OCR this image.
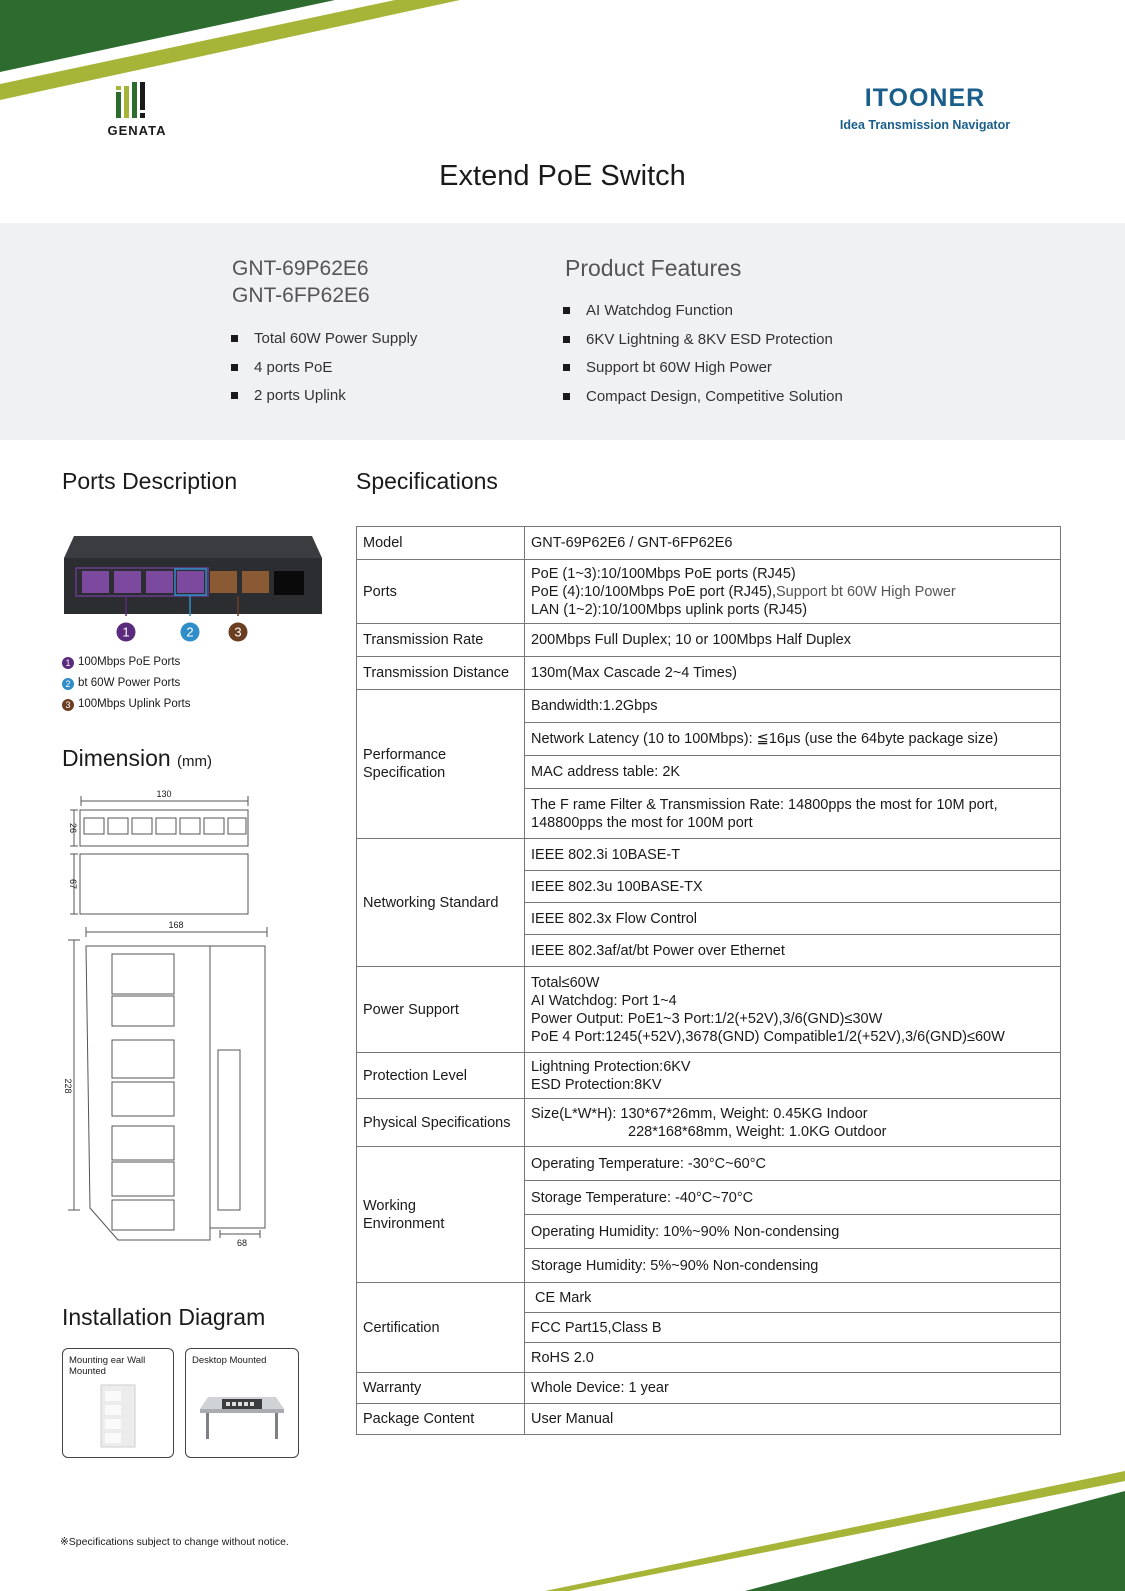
GENATA
ITOONER
Idea Transmission Navigator
Extend PoE Switch
GNT-69P62E6
GNT-6FP62E6
Total 60W Power Supply
4 ports PoE
2 ports Uplink
Product Features
AI Watchdog Function
6KV Lightning & 8KV ESD Protection
Support bt 60W High Power
Compact Design, Competitive Solution
Ports Description
1	2	3
1 100Mbps PoE Ports
2 bt 60W Power Ports
3 100Mbps Uplink Ports
Dimension (mm)
130
26
67
168
228
68
Installation Diagram
Mounting ear Wall Mounted
Desktop Mounted
Specifications
Model	GNT-69P62E6 / GNT-6FP62E6
Ports	PoE (1~3):10/100Mbps PoE ports (RJ45)
PoE (4):10/100Mbps PoE port (RJ45),Support bt 60W High Power
LAN (1~2):10/100Mbps uplink ports (RJ45)

Transmission Rate	200Mbps Full Duplex; 10 or 100Mbps Half Duplex
Transmission Distance	130m(Max Cascade 2~4 Times)

Performance
Specification	Bandwidth:1.2Gbps
	Network Latency (10 to 100Mbps): ≦16μs (use the 64byte package size)
	MAC address table: 2K

	The F rame Filter & Transmission Rate: 14800pps the most for 10M port,
148800pps the most for 100M port

Networking Standard	IEEE 802.3i 10BASE-T
	IEEE 802.3u 100BASE-TX
	IEEE 802.3x Flow Control
	IEEE 802.3af/at/bt Power over Ethernet
Power Support	Total≤60W
AI Watchdog: Port 1~4
Power Output: PoE1~3 Port:1/2(+52V),3/6(GND)≤30W
PoE 4 Port:1245(+52V),3678(GND) Compatible1/2(+52V),3/6(GND)≤60W

Protection Level	Lightning Protection:6KV
ESD Protection:8KV

Physical Specifications	Size(L*W*H): 130*67*26mm, Weight: 0.45KG Indoor
228*168*68mm, Weight: 1.0KG Outdoor

Working
Environment	Operating Temperature: -30°C~60°C
	Storage Temperature: -40°C~70°C
	Operating Humidity: 10%~90% Non-condensing
	Storage Humidity: 5%~90% Non-condensing
Certification	CE Mark
	FCC Part15,Class B
	RoHS 2.0
Warranty	Whole Device: 1 year
Package Content	User Manual
※Specifications subject to change without notice.
